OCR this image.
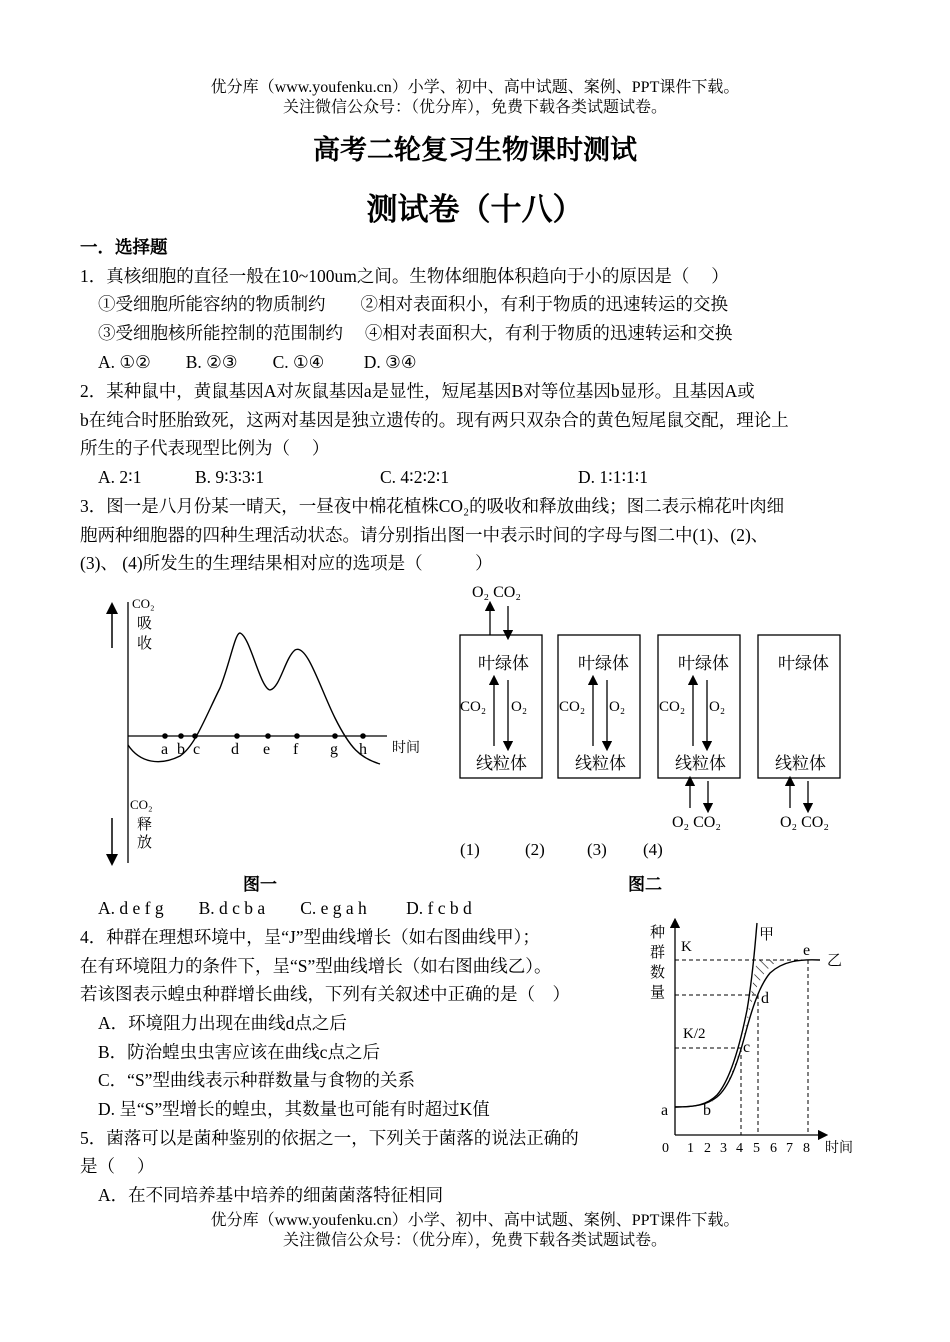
优分库（www.youfenku.cn）小学、初中、高中试题、案例、PPT课件下载。
关注微信公众号：（优分库），免费下载各类试题试卷。
高考二轮复习生物课时测试
测试卷（十八）
一．选择题
1．真核细胞的直径一般在10~100um之间。生物体细胞体积趋向于小的原因是（　 ）
①受细胞所能容纳的物质制约　　②相对表面积小，有利于物质的迅速转运的交换
③受细胞核所能控制的范围制约　 ④相对表面积大，有利于物质的迅速转运和交换
A. ①②　　B. ②③　　C. ①④　　 D. ③④
2．某种鼠中，黄鼠基因A对灰鼠基因a是显性，短尾基因B对等位基因b显形。且基因A或
b在纯合时胚胎致死，这两对基因是独立遗传的。现有两只双杂合的黄色短尾鼠交配，理论上
所生的子代表现型比例为（　 ）
A. 2∶1	B. 9∶3∶3∶1	C. 4∶2∶2∶1	D. 1∶1∶1∶1
3．图一是八月份某一晴天，一昼夜中棉花植株CO₂的吸收和释放曲线；图二表示棉花叶肉细
胞两种细胞器的四种生理活动状态。请分别指出图一中表示时间的字母与图二中(1)、(2)、
(3)、 (4)所发生的生理结果相对应的选项是（　　　）
CO₂
吸
收
CO₂
释
放
时间
a b c d e f g h
图一
O₂ CO₂
叶绿体
CO₂ O₂
线粒体
叶绿体
CO₂ O₂
线粒体
叶绿体
CO₂ O₂
线粒体
O₂ CO₂
叶绿体
线粒体
O₂ CO₂
(1)	(2) (3) (4)
图二
A. d e f g　　B. d c b a　　C. e g a h　　 D. f c b d
4．种群在理想环境中，呈“J”型曲线增长（如右图曲线甲）；
在有环境阻力的条件下，呈“S”型曲线增长（如右图曲线乙）。
若该图表示蝗虫种群增长曲线，下列有关叙述中正确的是（　）
A．环境阻力出现在曲线d点之后
B．防治蝗虫虫害应该在曲线c点之后
C．“S”型曲线表示种群数量与食物的关系
D. 呈“S”型增长的蝗虫，其数量也可能有时超过K值
种
群
数
量
K
K/2
甲
乙
a b
c
d
e
0 1 2 3 4 5 6 7 8 时间
5．菌落可以是菌种鉴别的依据之一，下列关于菌落的说法正确的
是（　 ）
A．在不同培养基中培养的细菌菌落特征相同
优分库（www.youfenku.cn）小学、初中、高中试题、案例、PPT课件下载。
关注微信公众号：（优分库），免费下载各类试题试卷。
